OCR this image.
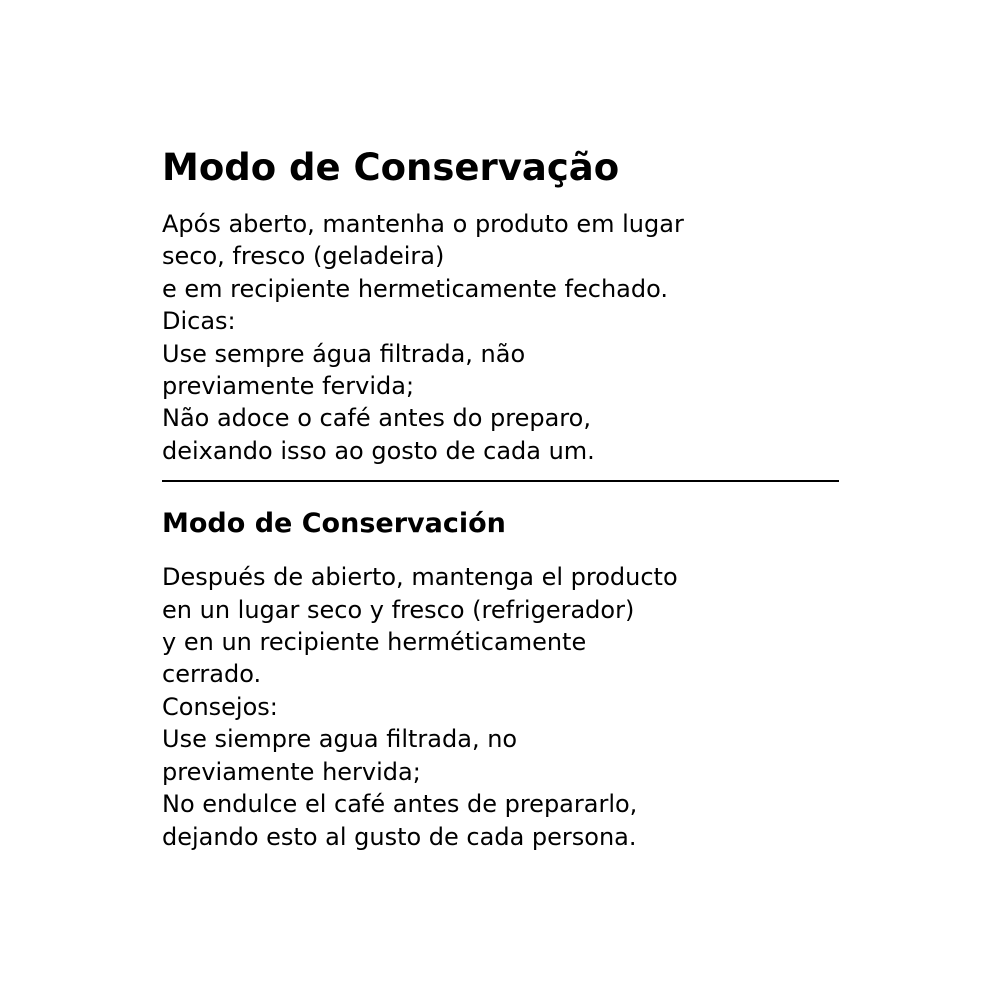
Modo de Conservação
Após aberto, mantenha o produto em lugar
seco, fresco (geladeira)
e em recipiente hermeticamente fechado.
Dicas:
Use sempre água filtrada, não
previamente fervida;
Não adoce o café antes do preparo,
deixando isso ao gosto de cada um.
Modo de Conservación
Después de abierto, mantenga el producto
en un lugar seco y fresco (refrigerador)
y en un recipiente herméticamente
cerrado.
Consejos:
Use siempre agua filtrada, no
previamente hervida;
No endulce el café antes de prepararlo,
dejando esto al gusto de cada persona.
